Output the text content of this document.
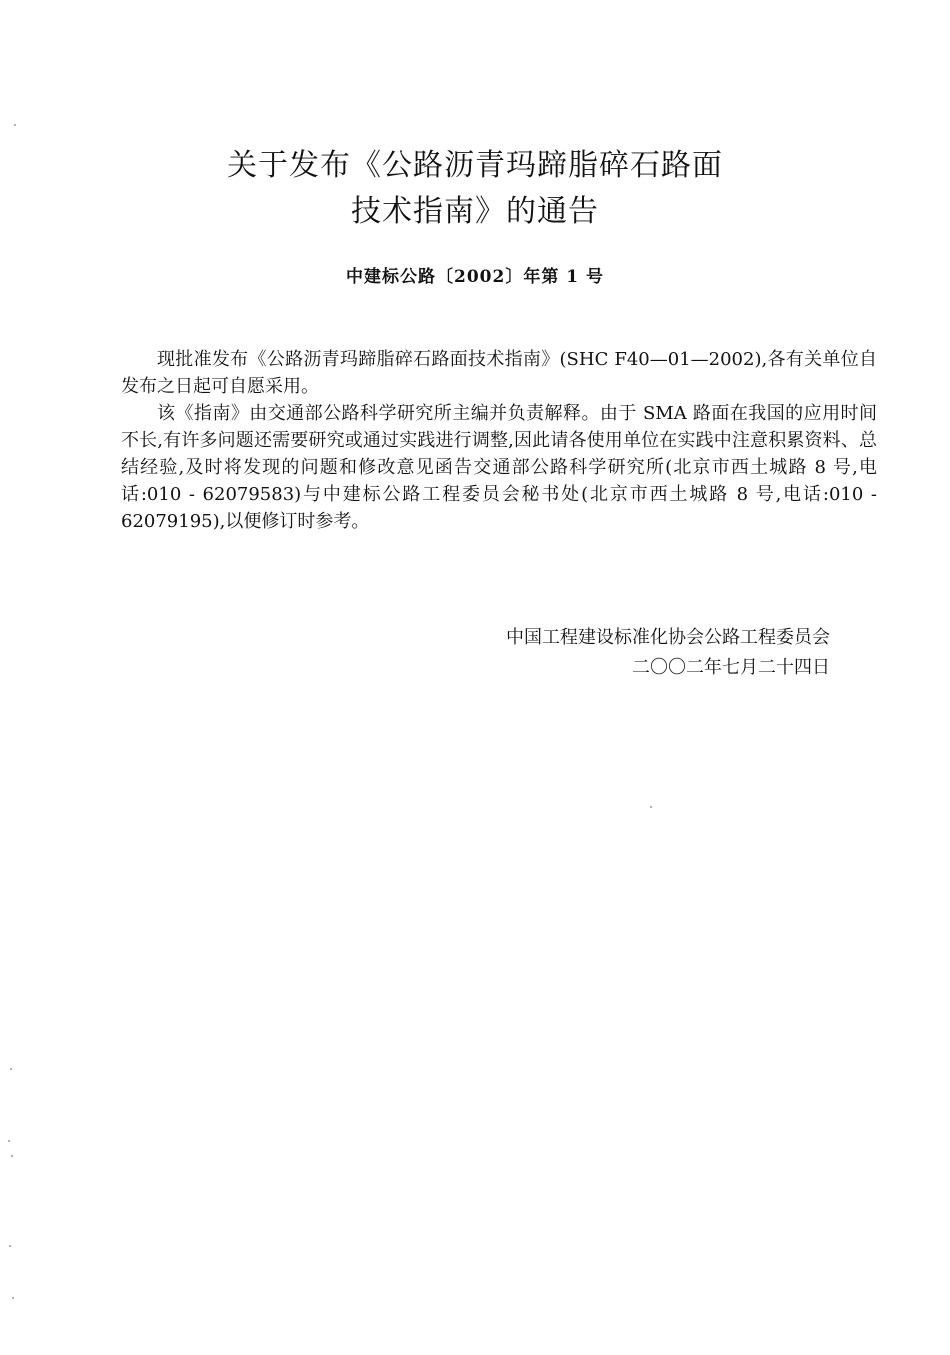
关于发布《公路沥青玛蹄脂碎石路面
技术指南》的通告
中建标公路〔2002〕年第 1 号

现批准发布《公路沥青玛蹄脂碎石路面技术指南》(SHC F40—01—2002),各有关单位自发布之日起可自愿采用。

该《指南》由交通部公路科学研究所主编并负责解释。由于 SMA 路面在我国的应用时间不长,有许多问题还需要研究或通过实践进行调整,因此请各使用单位在实践中注意积累资料、总结经验,及时将发现的问题和修改意见函告交通部公路科学研究所(北京市西土城路 8 号,电话:010 - 62079583)与中建标公路工程委员会秘书处(北京市西土城路 8 号,电话:010 - 62079195),以便修订时参考。

中国工程建设标准化协会公路工程委员会
二〇〇二年七月二十四日
